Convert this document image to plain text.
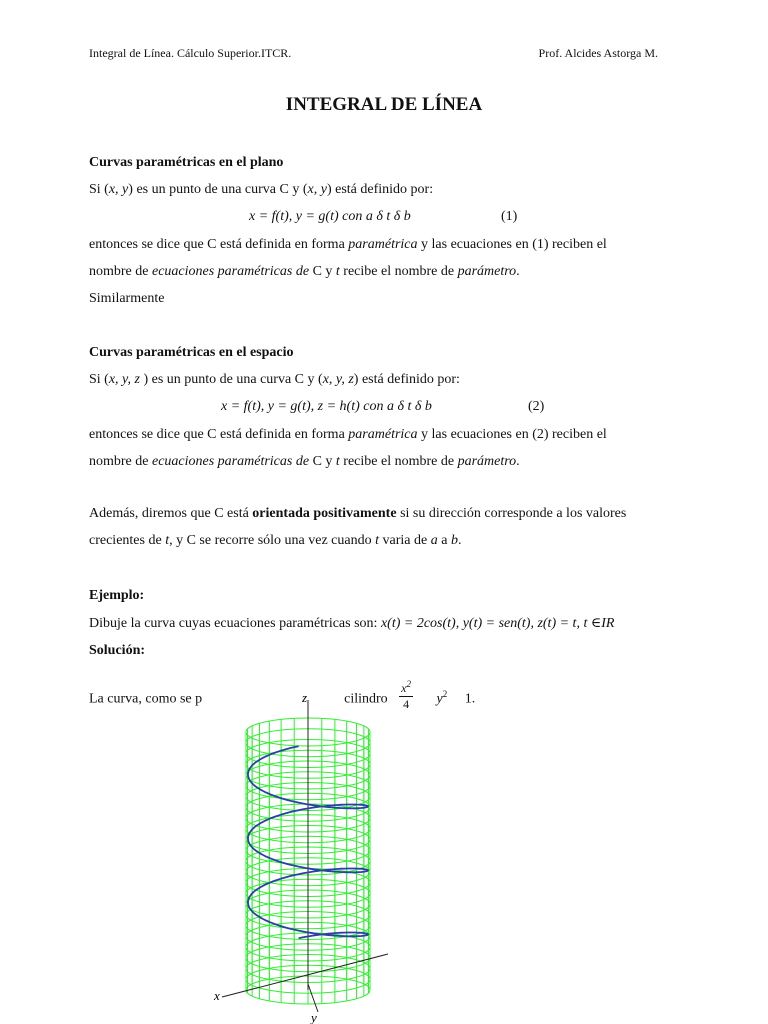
Integral de Línea. Cálculo Superior.ITCR.	Prof. Alcides Astorga M.
INTEGRAL DE LÍNEA
Curvas paramétricas en el plano
Si (x, y) es un punto de una curva C y (x, y) está definido por:
x = f(t), y = g(t) con a δ t δ b	(1)
entonces se dice que C está definida en forma paramétrica y las ecuaciones en (1) reciben el
nombre de ecuaciones paramétricas de C y t recibe el nombre de parámetro.
Similarmente
Curvas paramétricas en el espacio
Si (x, y, z ) es un punto de una curva C y (x, y, z) está definido por:
x = f(t), y = g(t), z = h(t) con a δ t δ b	(2)
entonces se dice que C está definida en forma paramétrica y las ecuaciones en (2) reciben el
nombre de ecuaciones paramétricas de C y t recibe el nombre de parámetro.
Además, diremos que C está orientada positivamente si su dirección corresponde a los valores
crecientes de t, y C se recorre sólo una vez cuando t varia de a a b.
Ejemplo:
Dibuje la curva cuyas ecuaciones paramétricas son: x(t) = 2cos(t), y(t) = sen(t), z(t) = t, t ∈IR
Solución:
La curva, como se p	cilindro $\frac{x^2}{4} y^2$ 1.
z
x
y
